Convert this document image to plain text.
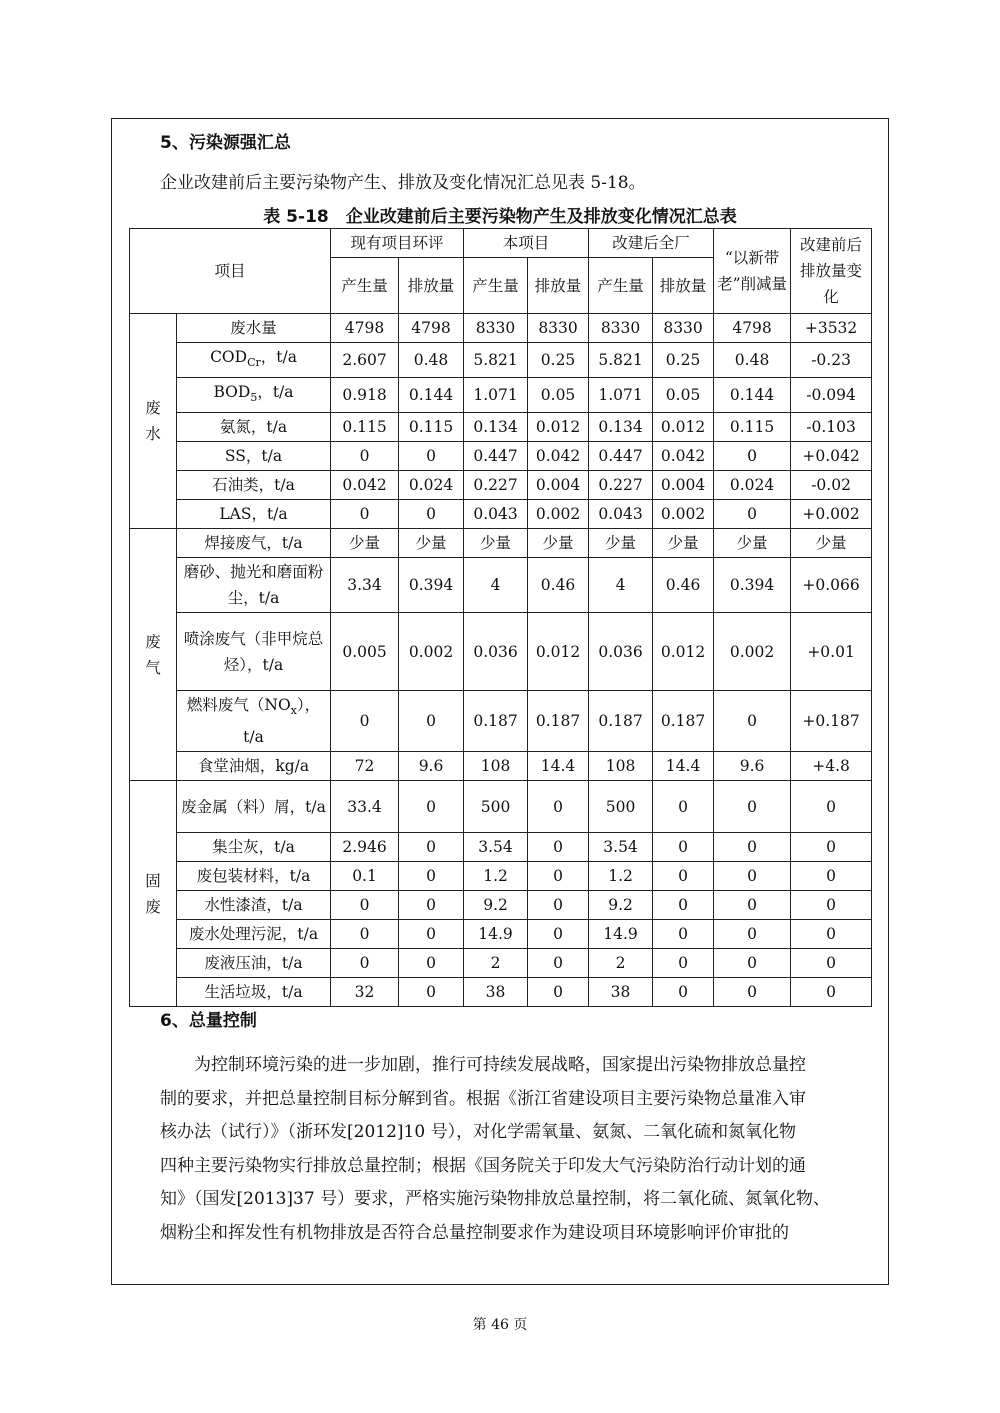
5、污染源强汇总
企业改建前后主要污染物产生、排放及变化情况汇总见表 5-18。
表 5-18　企业改建前后主要污染物产生及排放变化情况汇总表
项目		现有项目环评		本项目		改建后全厂		“以新带老”削减量	改建前后排放量变化
		产生量	排放量	产生量	排放量	产生量	排放量		
废
水	废水量	4798	4798	8330	8330	8330	8330	4798	+3532
	$COD_{Cr}$，t/a	2.607	0.48	5.821	0.25	5.821	0.25	0.48	-0.23
	$BOD_5$，t/a	0.918	0.144	1.071	0.05	1.071	0.05	0.144	-0.094
	氨氮，t/a	0.115	0.115	0.134	0.012	0.134	0.012	0.115	-0.103
	SS，t/a	0	0	0.447	0.042	0.447	0.042	0	+0.042
	石油类，t/a	0.042	0.024	0.227	0.004	0.227	0.004	0.024	-0.02
	LAS，t/a	0	0	0.043	0.002	0.043	0.002	0	+0.002
废
气	焊接废气，t/a	少量	少量	少量	少量	少量	少量	少量	少量
	磨砂、抛光和磨面粉尘，t/a	3.34	0.394	4	0.46	4	0.46	0.394	+0.066
	喷涂废气（非甲烷总烃），t/a	0.005	0.002	0.036	0.012	0.036	0.012	0.002	+0.01
	燃料废气$(NO_x)$，t/a	0	0	0.187	0.187	0.187	0.187	0	+0.187
	食堂油烟，kg/a	72	9.6	108	14.4	108	14.4	9.6	+4.8
固
废	废金属（料）屑，t/a	33.4	0	500	0	500	0	0	0
	集尘灰，t/a	2.946	0	3.54	0	3.54	0	0	0
	废包装材料，t/a	0.1	0	1.2	0	1.2	0	0	0
	水性漆渣，t/a	0	0	9.2	0	9.2	0	0	0
	废水处理污泥，t/a	0	0	14.9	0	14.9	0	0	0
	废液压油，t/a	0	0	2	0	2	0	0	0
	生活垃圾，t/a	32	0	38	0	38	0	0	0
6、总量控制

　　为控制环境污染的进一步加剧，推行可持续发展战略，国家提出污染物排放总量控

制的要求，并把总量控制目标分解到省。根据《浙江省建设项目主要污染物总量准入审

核办法（试行）》（浙环发[2012]10 号），对化学需氧量、氨氮、二氧化硫和氮氧化物

四种主要污染物实行排放总量控制；根据《国务院关于印发大气污染防治行动计划的通

知》（国发[2013]37 号）要求，严格实施污染物排放总量控制，将二氧化硫、氮氧化物、

烟粉尘和挥发性有机物排放是否符合总量控制要求作为建设项目环境影响评价审批的

第 46 页
